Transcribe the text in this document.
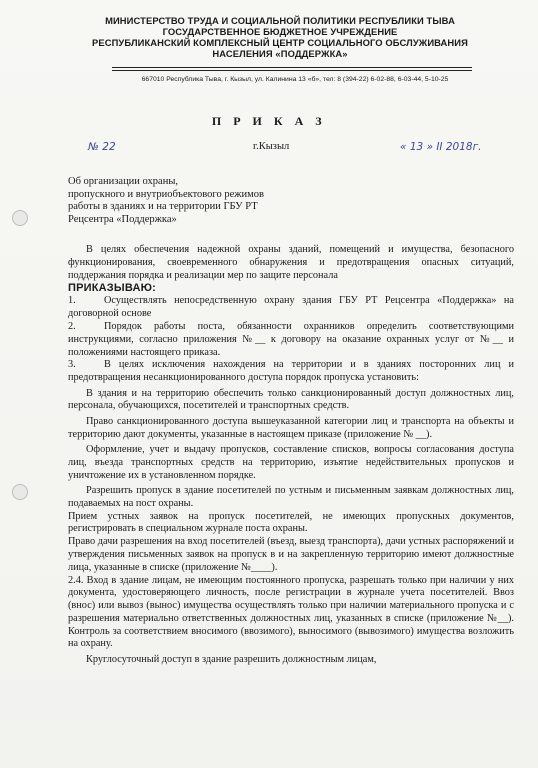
МИНИСТЕРСТВО ТРУДА И СОЦИАЛЬНОЙ ПОЛИТИКИ РЕСПУБЛИКИ ТЫВА
ГОСУДАРСТВЕННОЕ БЮДЖЕТНОЕ УЧРЕЖДЕНИЕ
РЕСПУБЛИКАНСКИЙ КОМПЛЕКСНЫЙ ЦЕНТР СОЦИАЛЬНОГО ОБСЛУЖИВАНИЯ
НАСЕЛЕНИЯ «ПОДДЕРЖКА»
667010 Республика Тыва, г. Кызыл, ул. Калинина 13 «б», тел: 8 (394-22) 6-02-88, 6-03-44, 5-10-25
П Р И К А З
№ 22	г.Кызыл	« 13 » II 2018г.
Об организации охраны,
пропускного и внутриобъектового режимов
работы в зданиях и на территории ГБУ РТ
Рецсентра «Поддержка»

В целях обеспечения надежной охраны зданий, помещений и имущества, безопасного функционирования, своевременного обнаружения и предотвращения опасных ситуаций, поддержания порядка и реализации мер по защите персонала

ПРИКАЗЫВАЮ:

1.	Осуществлять непосредственную охрану здания ГБУ РТ Рецсентра «Поддержка» на договорной основе

2.	Порядок работы поста, обязанности охранников определить соответствующими инструкциями, согласно приложения №__ к договору на оказание охранных услуг от №__ и положениями настоящего приказа.

3.	В целях исключения нахождения на территории и в зданиях посторонних лиц и предотвращения несанкционированного доступа порядок пропуска установить:

В здания и на территорию обеспечить только санкционированный доступ должностных лиц, персонала, обучающихся, посетителей и транспортных средств.

Право санкционированного доступа вышеуказанной категории лиц и транспорта на объекты и территорию дают документы, указанные в настоящем приказе (приложение № __).

Оформление, учет и выдачу пропусков, составление списков, вопросы согласования доступа лиц, въезда транспортных средств на территорию, изъятие недействительных пропусков и уничтожение их в установленном порядке.

Разрешить пропуск в здание посетителей по устным и письменным заявкам должностных лиц, подаваемых на пост охраны.

Прием устных заявок на пропуск посетителей, не имеющих пропускных документов, регистрировать в специальном журнале поста охраны.

Право дачи разрешения на вход посетителей (въезд, выезд транспорта), дачи устных распоряжений и утверждения письменных заявок на пропуск в и на закрепленную территорию имеют должностные лица, указанные в списке (приложение №____).

2.4. Вход в здание лицам, не имеющим постоянного пропуска, разрешать только при наличии у них документа, удостоверяющего личность, после регистрации в журнале учета посетителей. Ввоз (внос) или вывоз (вынос) имущества осуществлять только при наличии материального пропуска и с разрешения материально ответственных должностных лиц, указанных в списке (приложение №__). Контроль за соответствием вносимого (ввозимого), выносимого (вывозимого) имущества возложить на охрану.

Круглосуточный доступ в здание разрешить должностным лицам,
